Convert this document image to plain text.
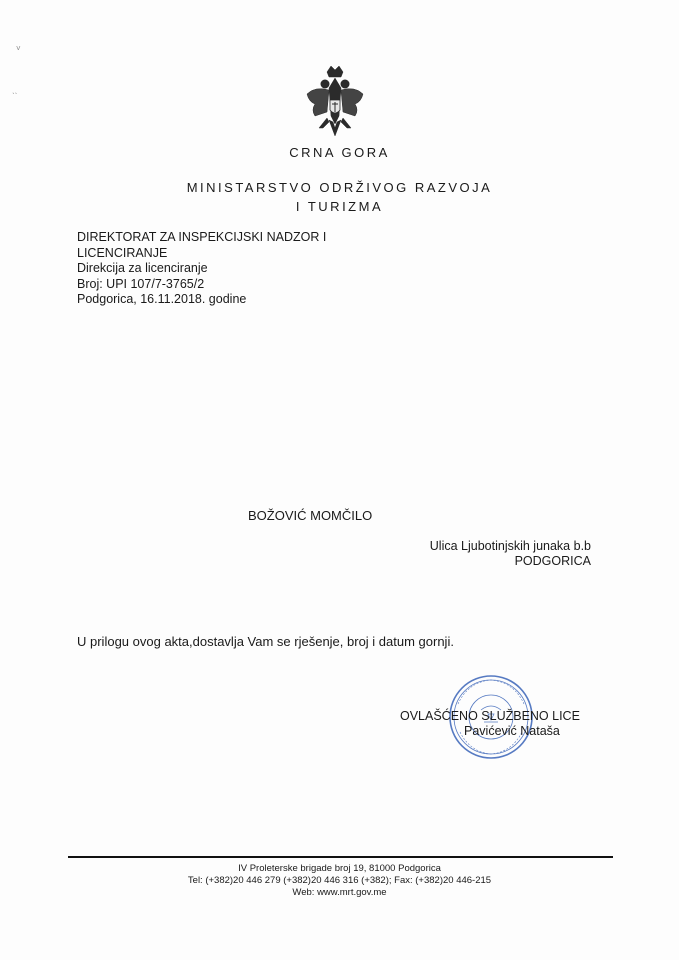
˅
˴˴
CRNA GORA
MINISTARSTVO ODRŽIVOG RAZVOJA
I TURIZMA
DIREKTORAT ZA INSPEKCIJSKI NADZOR I
LICENCIRANJE
Direkcija za licenciranje
Broj: UPI 107/7-3765/2
Podgorica, 16.11.2018. godine
BOŽOVIĆ MOMČILO
Ulica Ljubotinjskih junaka b.b
PODGORICA
U prilogu ovog akta,dostavlja Vam se rješenje, broj i datum gornji.
OVLAŠĆENO SLUŽBENO LICE
Pavićević Nataša
IV Proleterske brigade broj 19, 81000 Podgorica
Tel: (+382)20 446 279 (+382)20 446 316 (+382); Fax: (+382)20 446-215
Web: www.mrt.gov.me
